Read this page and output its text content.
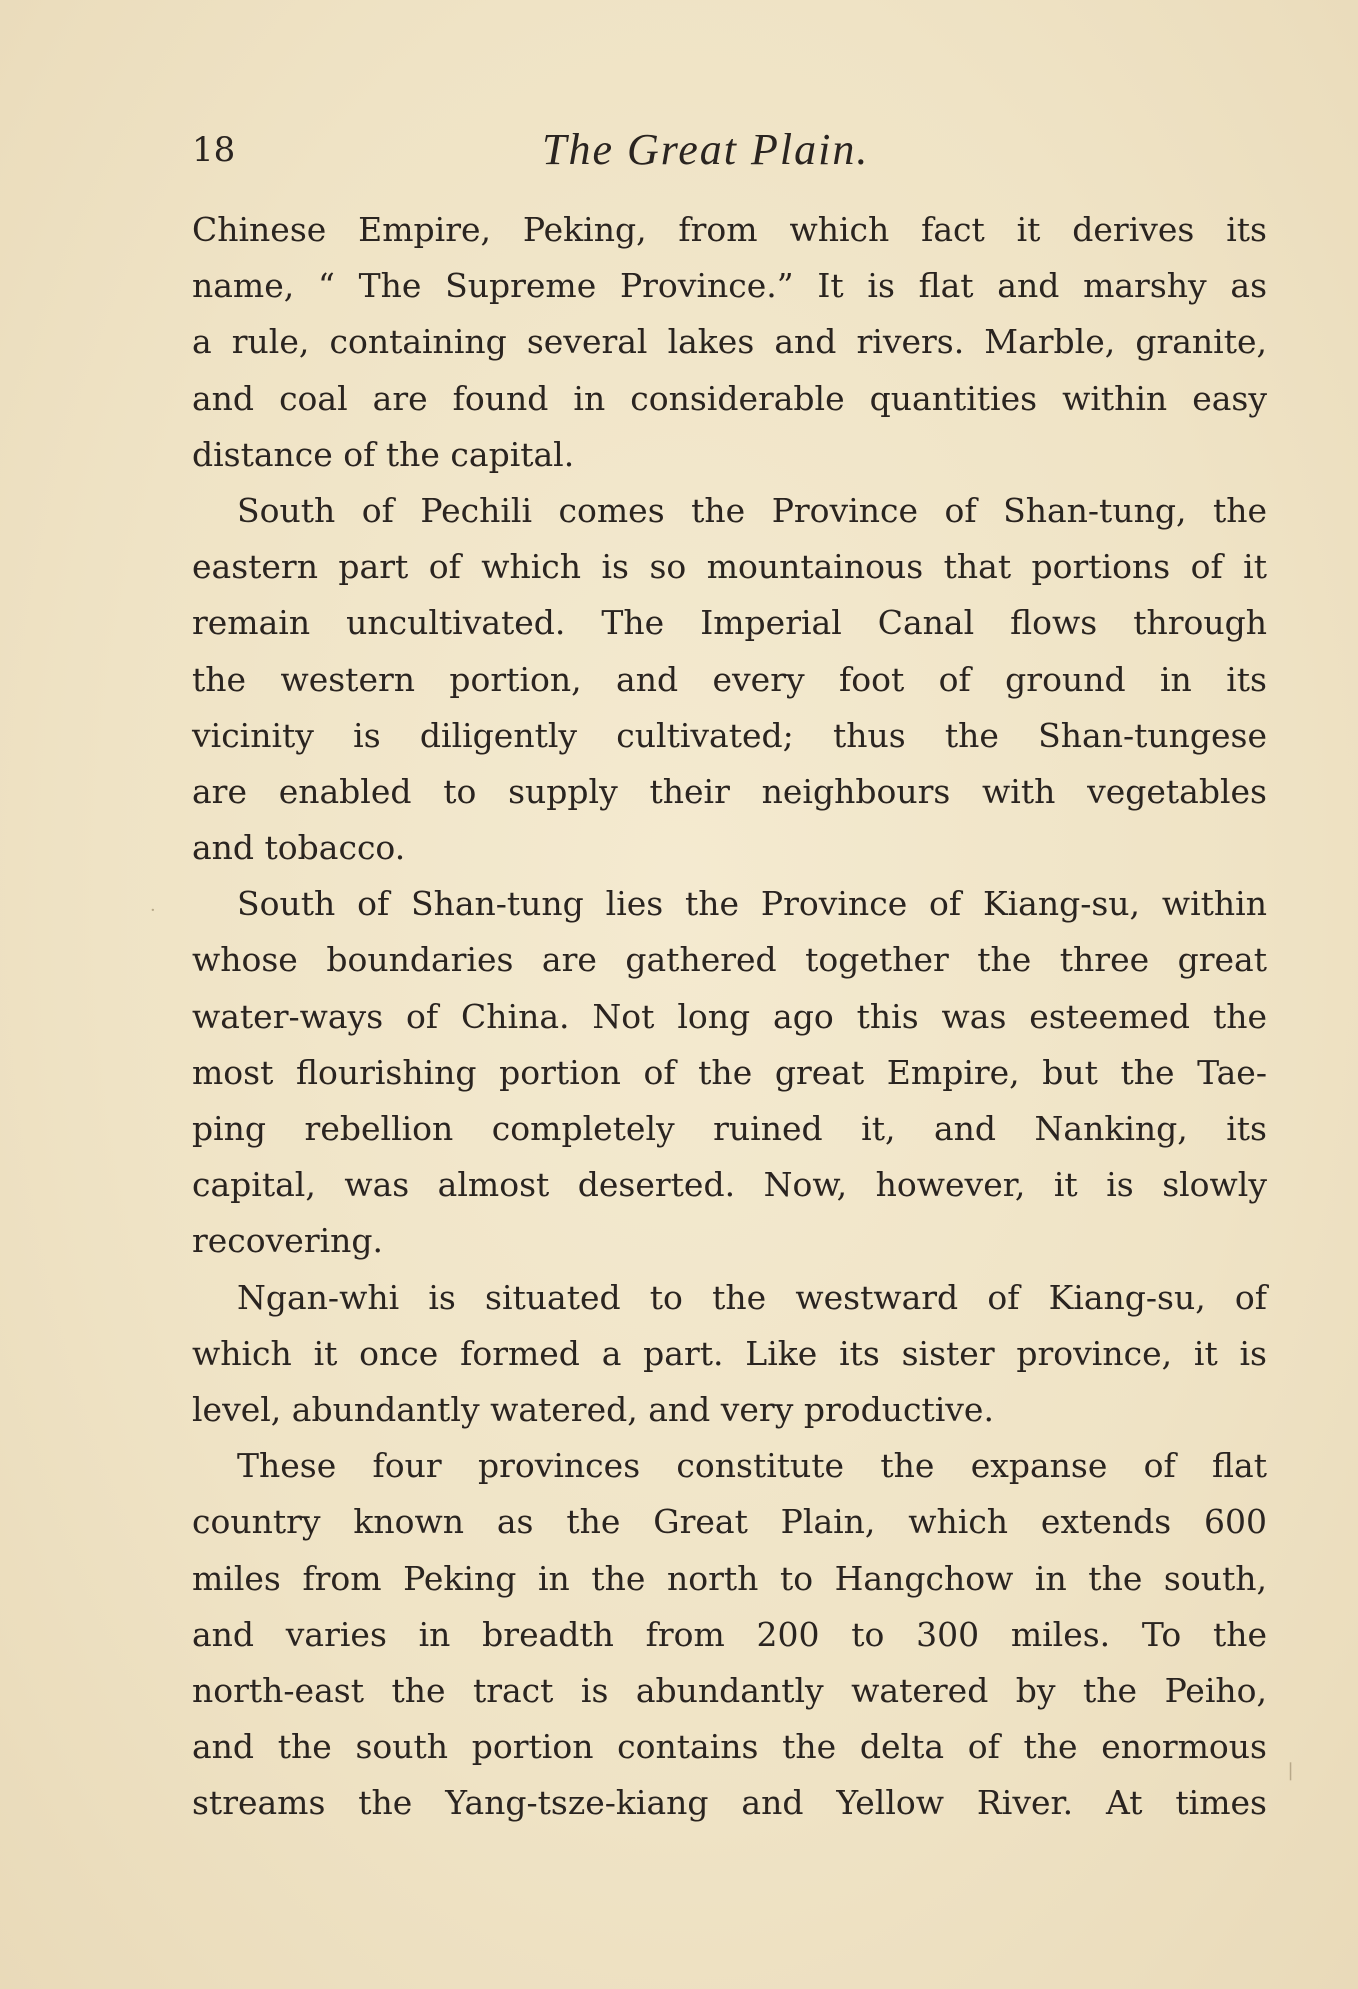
18	The Great Plain.
Chinese Empire, Peking, from which fact it derives its
name, “ The Supreme Province.” It is flat and marshy as
a rule, containing several lakes and rivers. Marble, granite,
and coal are found in considerable quantities within easy
distance of the capital.
South of Pechili comes the Province of Shan-tung, the
eastern part of which is so mountainous that portions of it
remain uncultivated. The Imperial Canal flows through
the western portion, and every foot of ground in its
vicinity is diligently cultivated; thus the Shan-tungese
are enabled to supply their neighbours with vegetables
and tobacco.
South of Shan-tung lies the Province of Kiang-su, within
whose boundaries are gathered together the three great
water-ways of China. Not long ago this was esteemed the
most flourishing portion of the great Empire, but the Tae-
ping rebellion completely ruined it, and Nanking, its
capital, was almost deserted. Now, however, it is slowly
recovering.
Ngan-whi is situated to the westward of Kiang-su, of
which it once formed a part. Like its sister province, it is
level, abundantly watered, and very productive.
These four provinces constitute the expanse of flat
country known as the Great Plain, which extends 600
miles from Peking in the north to Hangchow in the south,
and varies in breadth from 200 to 300 miles. To the
north-east the tract is abundantly watered by the Peiho,
and the south portion contains the delta of the enormous
streams the Yang-tsze-kiang and Yellow River. At times
❘
·
